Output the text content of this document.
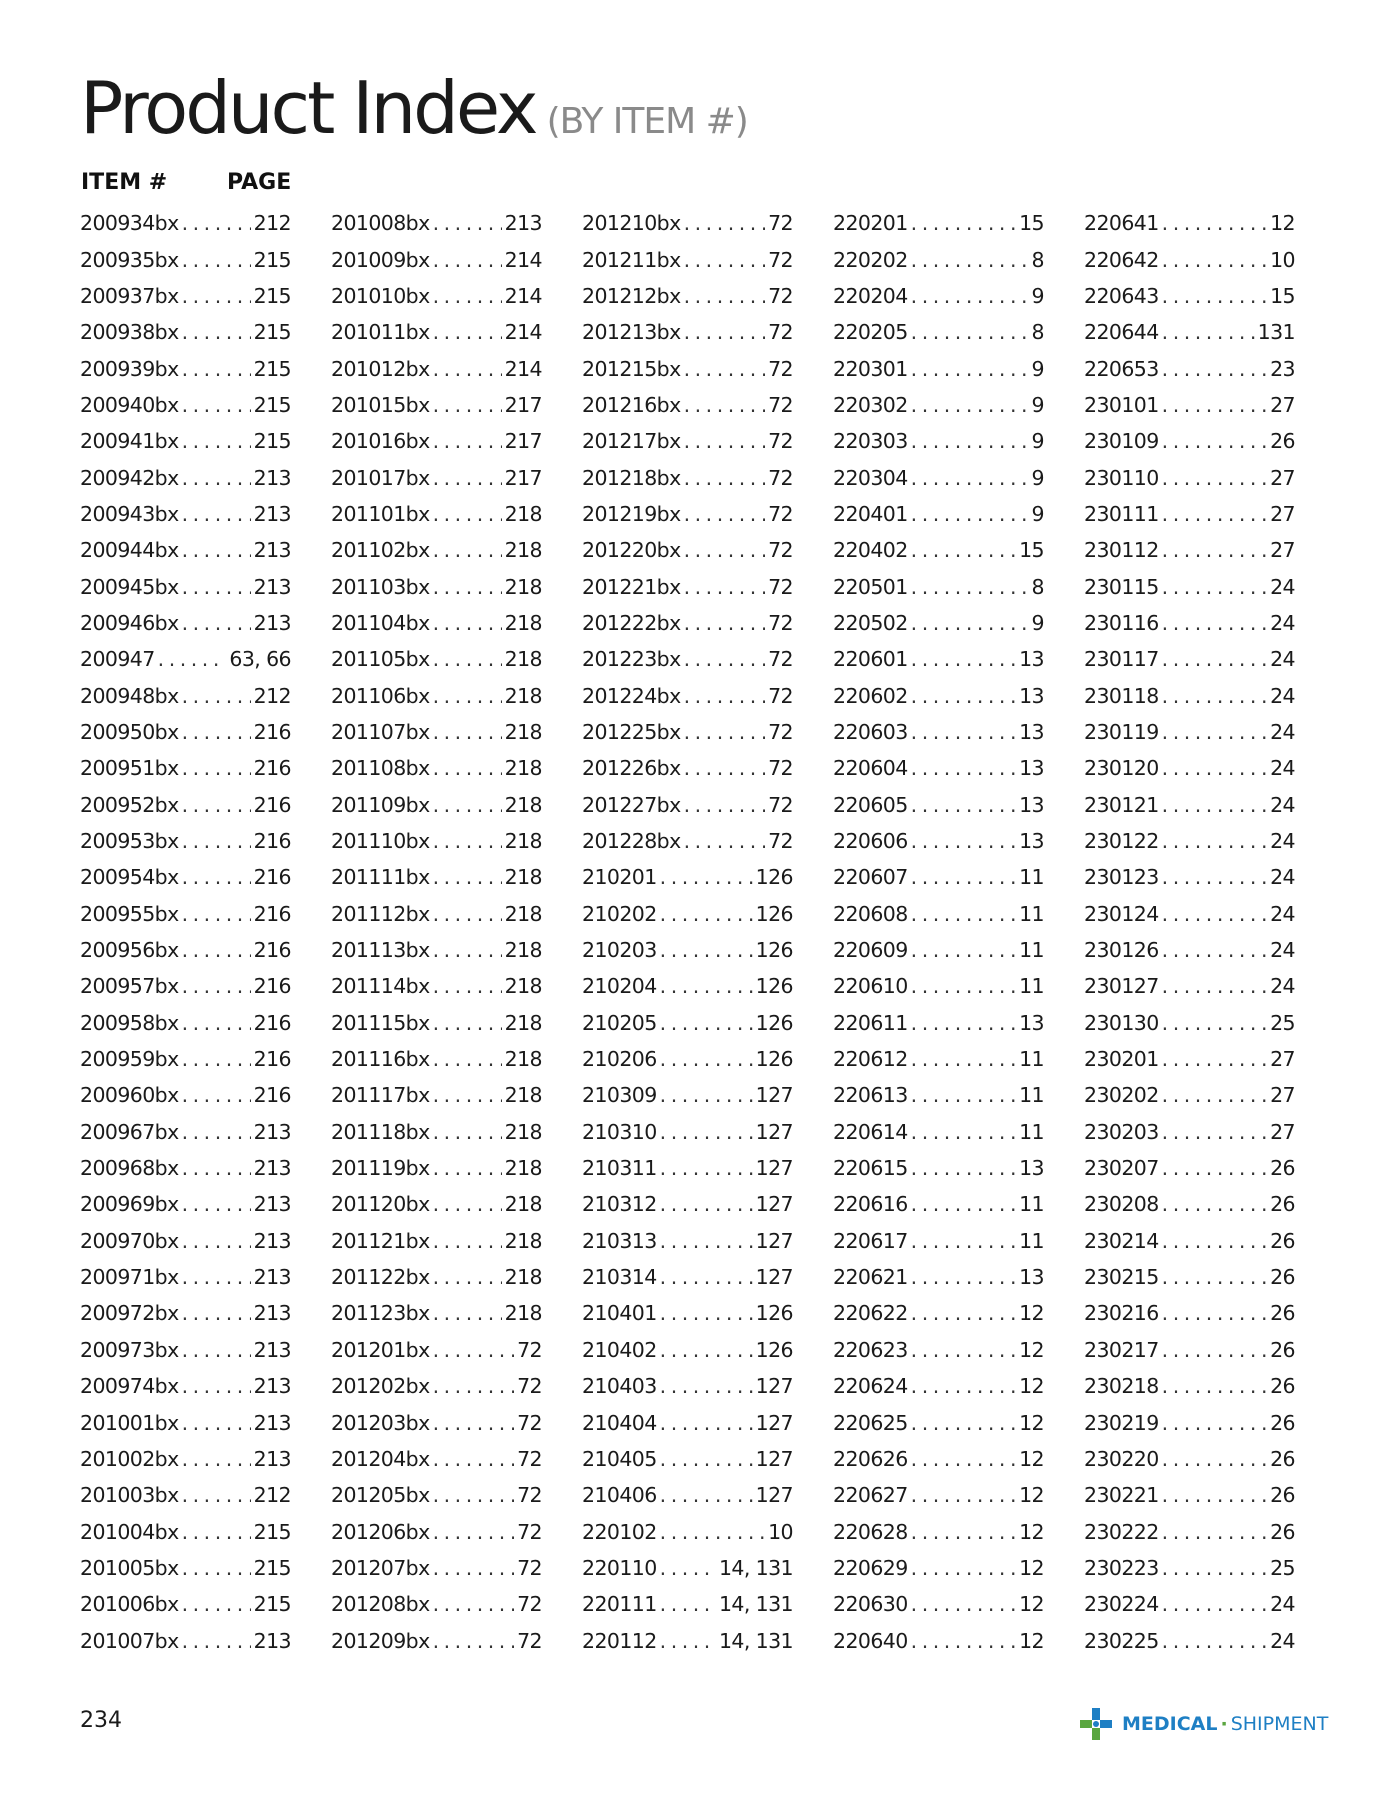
Product Index (BY ITEM #)
ITEM #	PAGE
200934bx . . .	212
200935bx . . .	215
200937bx . . .	215
200938bx . . .	215
200939bx . . .	215
200940bx . . .	215
200941bx . . .	215
200942bx . . .	213
200943bx . . .	213
200944bx . . .	213
200945bx . . .	213
200946bx . . .	213
200947 . . .	63, 66
200948bx . . .	212
200950bx . . .	216
200951bx . . .	216
200952bx . . .	216
200953bx . . .	216
200954bx . . .	216
200955bx . . .	216
200956bx . . .	216
200957bx . . .	216
200958bx . . .	216
200959bx . . .	216
200960bx . . .	216
200967bx . . .	213
200968bx . . .	213
200969bx . . .	213
200970bx . . .	213
200971bx . . .	213
200972bx . . .	213
200973bx . . .	213
200974bx . . .	213
201001bx . . .	213
201002bx . . .	213
201003bx . . .	212
201004bx . . .	215
201005bx . . .	215
201006bx . . .	215
201007bx . . .	213
201008bx . . .	213
201009bx . . .	214
201010bx . . .	214
201011bx . . .	214
201012bx . . .	214
201015bx . . .	217
201016bx . . .	217
201017bx . . .	217
201101bx . . .	218
201102bx . . .	218
201103bx . . .	218
201104bx . . .	218
201105bx . . .	218
201106bx . . .	218
201107bx . . .	218
201108bx . . .	218
201109bx . . .	218
201110bx . . .	218
201111bx . . .	218
201112bx . . .	218
201113bx . . .	218
201114bx . . .	218
201115bx . . .	218
201116bx . . .	218
201117bx . . .	218
201118bx . . .	218
201119bx . . .	218
201120bx . . .	218
201121bx . . .	218
201122bx . . .	218
201123bx . . .	218
201201bx . . .	72
201202bx . . .	72
201203bx . . .	72
201204bx . . .	72
201205bx . . .	72
201206bx . . .	72
201207bx . . .	72
201208bx . . .	72
201209bx . . .	72
201210bx . . .	72
201211bx . . .	72
201212bx . . .	72
201213bx . . .	72
201215bx . . .	72
201216bx . . .	72
201217bx . . .	72
201218bx . . .	72
201219bx . . .	72
201220bx . . .	72
201221bx . . .	72
201222bx . . .	72
201223bx . . .	72
201224bx . . .	72
201225bx . . .	72
201226bx . . .	72
201227bx . . .	72
201228bx . . .	72
210201 . . .	126
210202 . . .	126
210203 . . .	126
210204 . . .	126
210205 . . .	126
210206 . . .	126
210309 . . .	127
210310 . . .	127
210311 . . .	127
210312 . . .	127
210313 . . .	127
210314 . . .	127
210401 . . .	126
210402 . . .	126
210403 . . .	127
210404 . . .	127
210405 . . .	127
210406 . . .	127
220102 . . .	10
220110 . . .	14, 131
220111 . . .	14, 131
220112 . . .	14, 131
220201 . . .	15
220202 . . .	8
220204 . . .	9
220205 . . .	8
220301 . . .	9
220302 . . .	9
220303 . . .	9
220304 . . .	9
220401 . . .	9
220402 . . .	15
220501 . . .	8
220502 . . .	9
220601 . . .	13
220602 . . .	13
220603 . . .	13
220604 . . .	13
220605 . . .	13
220606 . . .	13
220607 . . .	11
220608 . . .	11
220609 . . .	11
220610 . . .	11
220611 . . .	13
220612 . . .	11
220613 . . .	11
220614 . . .	11
220615 . . .	13
220616 . . .	11
220617 . . .	11
220621 . . .	13
220622 . . .	12
220623 . . .	12
220624 . . .	12
220625 . . .	12
220626 . . .	12
220627 . . .	12
220628 . . .	12
220629 . . .	12
220630 . . .	12
220640 . . .	12
220641 . . .	12
220642 . . .	10
220643 . . .	15
220644 . . .	131
220653 . . .	23
230101 . . .	27
230109 . . .	26
230110 . . .	27
230111 . . .	27
230112 . . .	27
230115 . . .	24
230116 . . .	24
230117 . . .	24
230118 . . .	24
230119 . . .	24
230120 . . .	24
230121 . . .	24
230122 . . .	24
230123 . . .	24
230124 . . .	24
230126 . . .	24
230127 . . .	24
230130 . . .	25
230201 . . .	27
230202 . . .	27
230203 . . .	27
230207 . . .	26
230208 . . .	26
230214 . . .	26
230215 . . .	26
230216 . . .	26
230217 . . .	26
230218 . . .	26
230219 . . .	26
230220 . . .	26
230221 . . .	26
230222 . . .	26
230223 . . .	25
230224 . . .	24
230225 . . .	24
234	MEDICAL · SHIPMENT
